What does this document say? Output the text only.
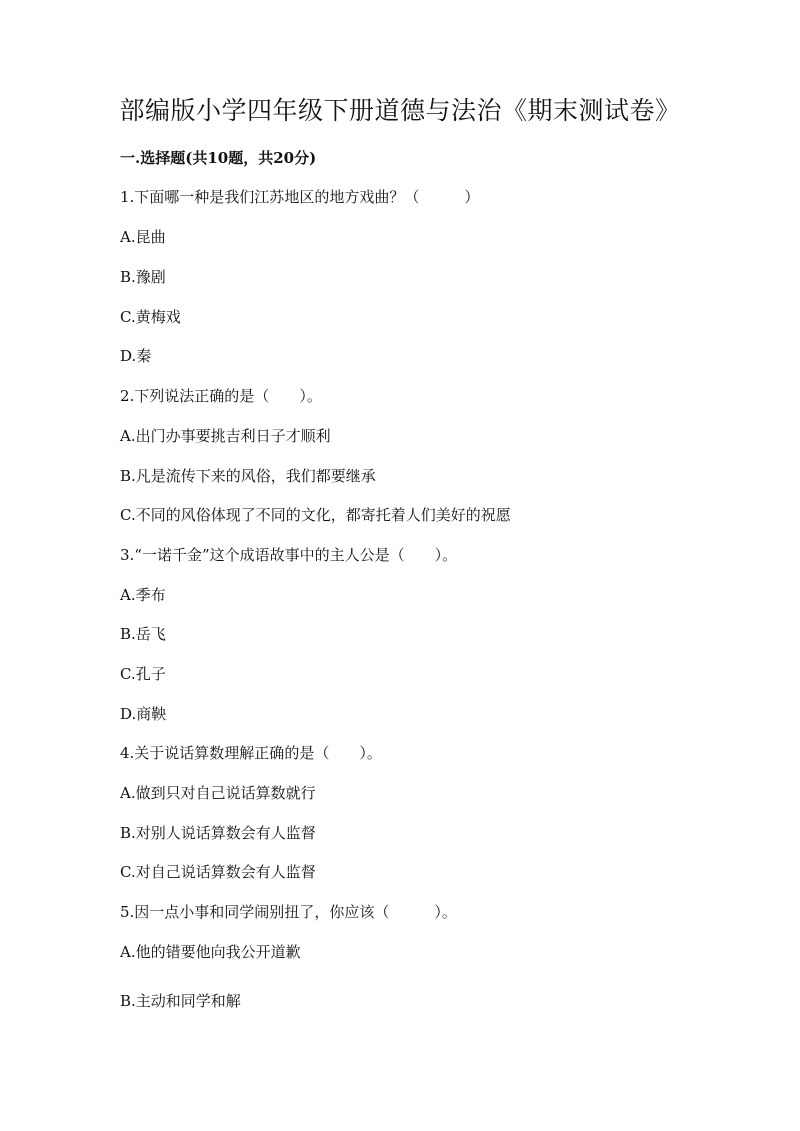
部编版小学四年级下册道德与法治《期末测试卷》
一.选择题(共10题，共20分)
1.下面哪一种是我们江苏地区的地方戏曲？（　　　）
A.昆曲
B.豫剧
C.黄梅戏
D.秦
2.下列说法正确的是（　　）。
A.出门办事要挑吉利日子才顺利
B.凡是流传下来的风俗，我们都要继承
C.不同的风俗体现了不同的文化，都寄托着人们美好的祝愿
3.“一诺千金”这个成语故事中的主人公是（　　）。
A.季布
B.岳飞
C.孔子
D.商鞅
4.关于说话算数理解正确的是（　　）。
A.做到只对自己说话算数就行
B.对别人说话算数会有人监督
C.对自己说话算数会有人监督
5.因一点小事和同学闹别扭了，你应该（　　　）。
A.他的错要他向我公开道歉
B.主动和同学和解
